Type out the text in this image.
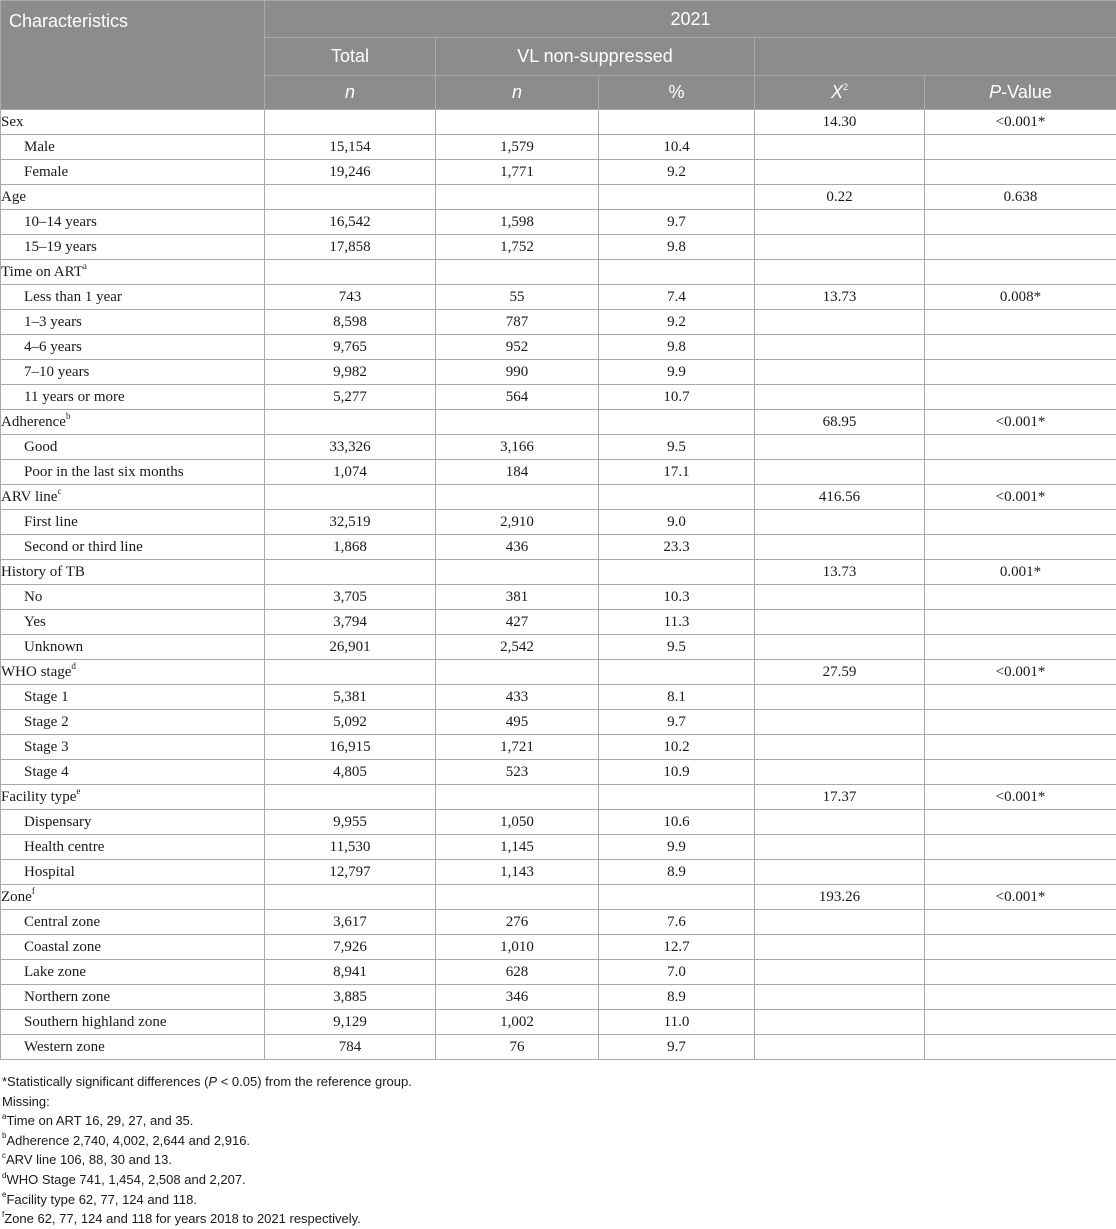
Characteristics	2021				
	Total	VL non-suppressed			
	n	n	%	$X^2$	P-Value
Sex				14.30	<0.001*
Male	15,154	1,579	10.4		
Female	19,246	1,771	9.2		
Age				0.22	0.638
10–14 years	16,542	1,598	9.7		
15–19 years	17,858	1,752	9.8		
Time on ART$^a$					
Less than 1 year	743	55	7.4	13.73	0.008*
1–3 years	8,598	787	9.2		
4–6 years	9,765	952	9.8		
7–10 years	9,982	990	9.9		
11 years or more	5,277	564	10.7		
Adherence$^b$				68.95	<0.001*
Good	33,326	3,166	9.5		
Poor in the last six months	1,074	184	17.1		
ARV line$^c$				416.56	<0.001*
First line	32,519	2,910	9.0		
Second or third line	1,868	436	23.3		
History of TB				13.73	0.001*
No	3,705	381	10.3		
Yes	3,794	427	11.3		
Unknown	26,901	2,542	9.5		
WHO stage$^d$				27.59	<0.001*
Stage 1	5,381	433	8.1		
Stage 2	5,092	495	9.7		
Stage 3	16,915	1,721	10.2		
Stage 4	4,805	523	10.9		
Facility type$^e$				17.37	<0.001*
Dispensary	9,955	1,050	10.6		
Health centre	11,530	1,145	9.9		
Hospital	12,797	1,143	8.9		
Zone$^f$				193.26	<0.001*
Central zone	3,617	276	7.6		
Coastal zone	7,926	1,010	12.7		
Lake zone	8,941	628	7.0		
Northern zone	3,885	346	8.9		
Southern highland zone	9,129	1,002	11.0		
Western zone	784	76	9.7		
*Statistically significant differences (P < 0.05) from the reference group.
Missing:
$^a$Time on ART 16, 29, 27, and 35.
$^b$Adherence 2,740, 4,002, 2,644 and 2,916.
$^c$ARV line 106, 88, 30 and 13.
$^d$WHO Stage 741, 1,454, 2,508 and 2,207.
$^e$Facility type 62, 77, 124 and 118.
$^f$Zone 62, 77, 124 and 118 for years 2018 to 2021 respectively.
